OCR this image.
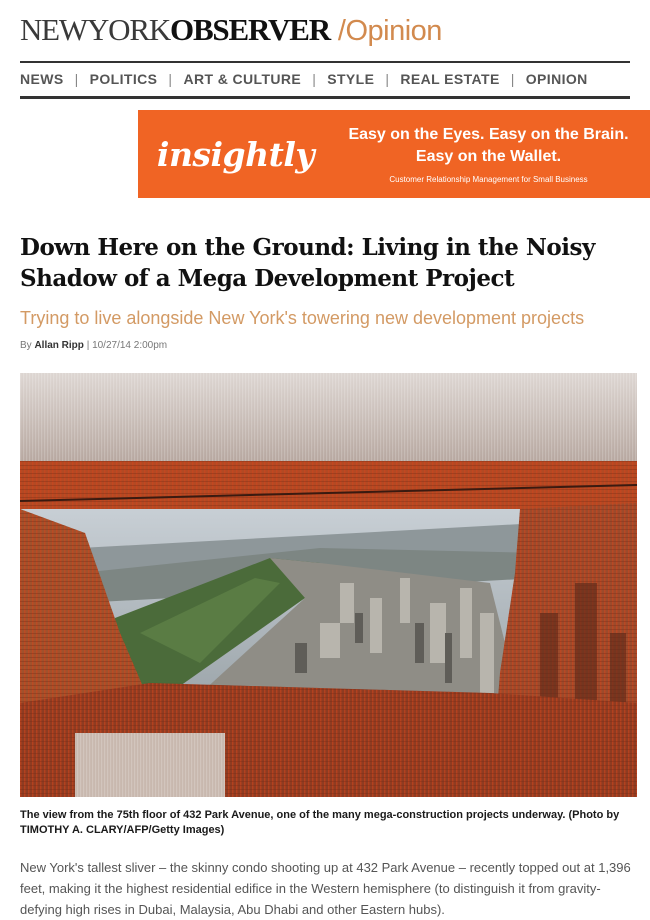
NEWYORK OBSERVER /Opinion
NEWS | POLITICS | ART & CULTURE | STYLE | REAL ESTATE | OPINION
insightly	Easy on the Eyes. Easy on the Brain.
Easy on the Wallet.
Customer Relationship Management for Small Business
Down Here on the Ground: Living in the Noisy Shadow of a Mega Development Project
Trying to live alongside New York's towering new development projects
By Allan Ripp | 10/27/14 2:00pm
The view from the 75th floor of 432 Park Avenue, one of the many mega-construction projects underway. (Photo by TIMOTHY A. CLARY/AFP/Getty Images)
New York's tallest sliver – the skinny condo shooting up at 432 Park Avenue – recently topped out at 1,396 feet, making it the highest residential edifice in the Western hemisphere (to distinguish it from gravity-defying high rises in Dubai, Malaysia, Abu Dhabi and other Eastern hubs).
